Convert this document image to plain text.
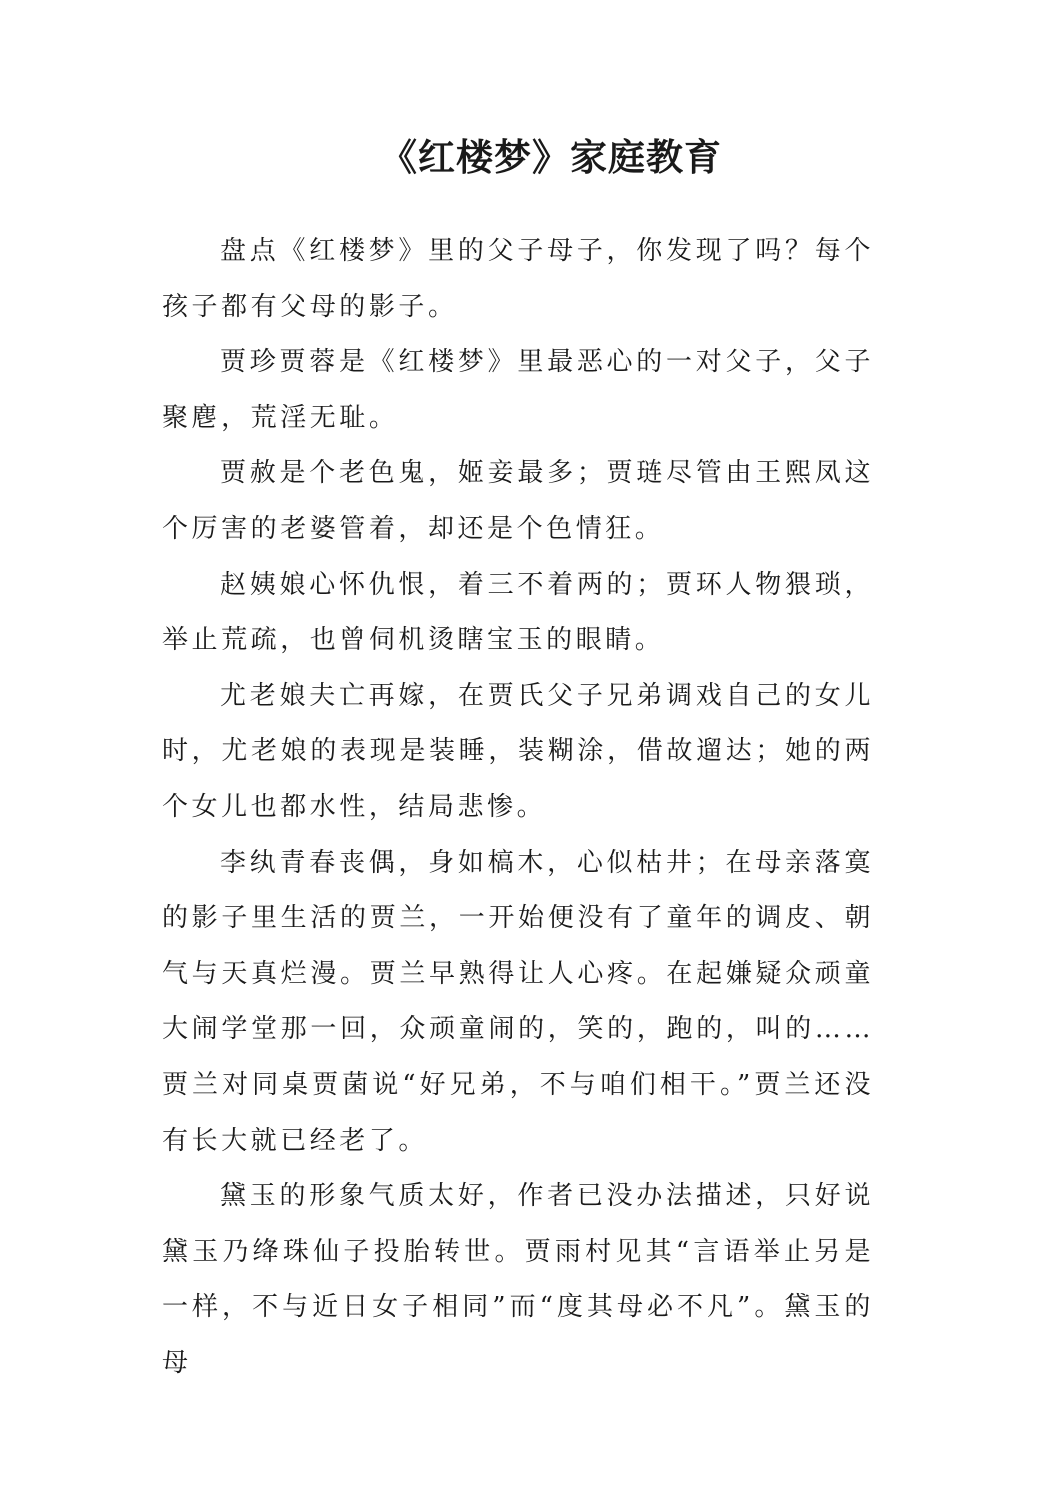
《红楼梦》家庭教育

盘点《红楼梦》里的父子母子，你发现了吗？每个孩子都有父母的影子。

贾珍贾蓉是《红楼梦》里最恶心的一对父子，父子聚麀，荒淫无耻。

贾赦是个老色鬼，姬妾最多；贾琏尽管由王熙凤这个厉害的老婆管着，却还是个色情狂。

赵姨娘心怀仇恨，着三不着两的；贾环人物猥琐，举止荒疏，也曾伺机烫瞎宝玉的眼睛。

尤老娘夫亡再嫁，在贾氏父子兄弟调戏自己的女儿时，尤老娘的表现是装睡，装糊涂，借故遛达；她的两个女儿也都水性，结局悲惨。

李纨青春丧偶，身如槁木，心似枯井；在母亲落寞的影子里生活的贾兰，一开始便没有了童年的调皮、朝气与天真烂漫。贾兰早熟得让人心疼。在起嫌疑众顽童大闹学堂那一回，众顽童闹的，笑的，跑的，叫的……贾兰对同桌贾菌说“好兄弟，不与咱们相干。”贾兰还没有长大就已经老了。

黛玉的形象气质太好，作者已没办法描述，只好说黛玉乃绛珠仙子投胎转世。贾雨村见其“言语举止另是一样，不与近日女子相同”而“度其母必不凡”。黛玉的母
